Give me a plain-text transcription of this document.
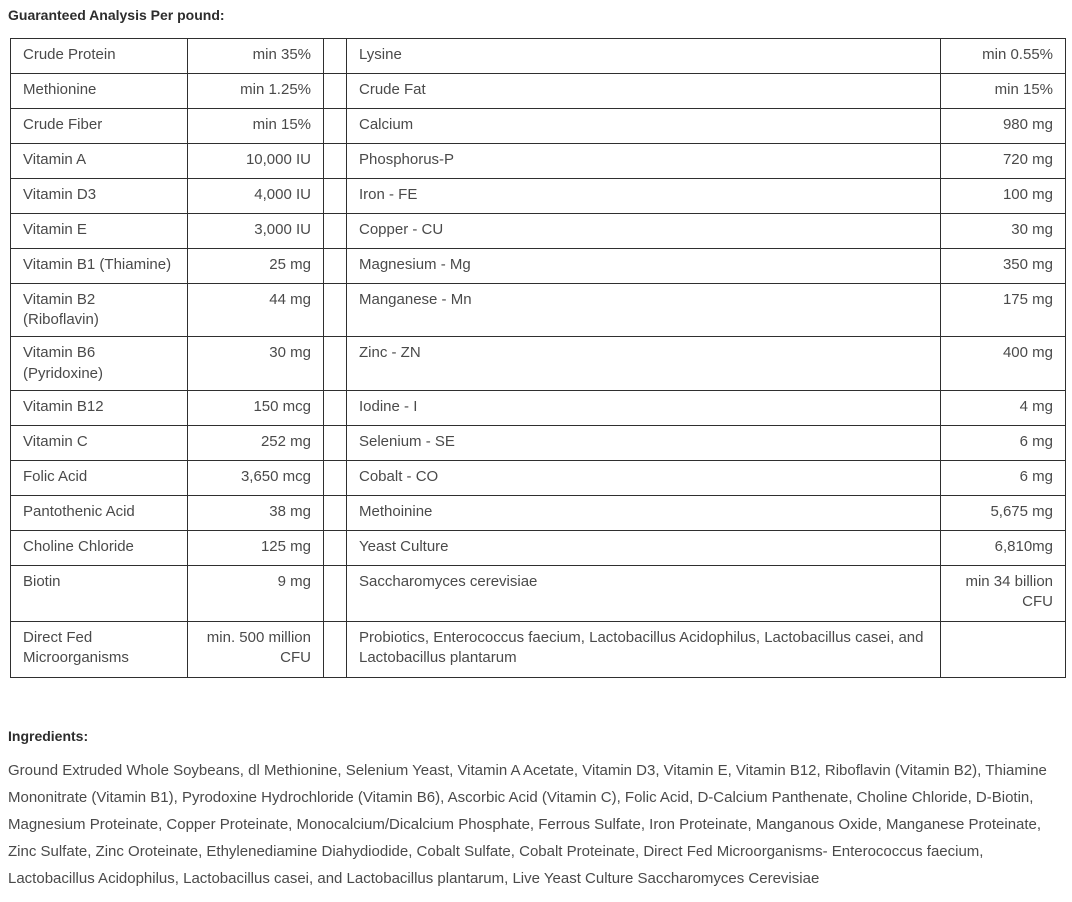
Guaranteed Analysis Per pound:
Crude Protein	min 35%		Lysine	min 0.55%
Methionine	min 1.25%		Crude Fat	min 15%
Crude Fiber	min 15%		Calcium	980 mg
Vitamin A	10,000 IU		Phosphorus-P	720 mg
Vitamin D3	4,000 IU		Iron - FE	100 mg
Vitamin E	3,000 IU		Copper - CU	30 mg
Vitamin B1 (Thiamine)	25 mg		Magnesium - Mg	350 mg
Vitamin B2 (Riboflavin)	44 mg		Manganese - Mn	175 mg
Vitamin B6 (Pyridoxine)	30 mg		Zinc - ZN	400 mg
Vitamin B12	150 mcg		Iodine - I	4 mg
Vitamin C	252 mg		Selenium - SE	6 mg
Folic Acid	3,650 mcg		Cobalt - CO	6 mg
Pantothenic Acid	38 mg		Methoinine	5,675 mg
Choline Chloride	125 mg		Yeast Culture	6,810mg
Biotin	9 mg		Saccharomyces cerevisiae	min 34 billion CFU
Direct Fed Microorganisms	min. 500 million CFU		Probiotics, Enterococcus faecium, Lactobacillus Acidophilus, Lactobacillus casei, and Lactobacillus plantarum	
Ingredients:

Ground Extruded Whole Soybeans, dl Methionine, Selenium Yeast, Vitamin A Acetate, Vitamin D3, Vitamin E, Vitamin B12, Riboflavin (Vitamin B2), Thiamine Mononitrate (Vitamin B1), Pyrodoxine Hydrochloride (Vitamin B6), Ascorbic Acid (Vitamin C), Folic Acid, D-Calcium Panthenate, Choline Chloride, D-Biotin, Magnesium Proteinate, Copper Proteinate, Monocalcium/Dicalcium Phosphate, Ferrous Sulfate, Iron Proteinate, Manganous Oxide, Manganese Proteinate, Zinc Sulfate, Zinc Oroteinate, Ethylenediamine Diahydiodide, Cobalt Sulfate, Cobalt Proteinate, Direct Fed Microorganisms- Enterococcus faecium, Lactobacillus Acidophilus, Lactobacillus casei, and Lactobacillus plantarum, Live Yeast Culture Saccharomyces Cerevisiae
